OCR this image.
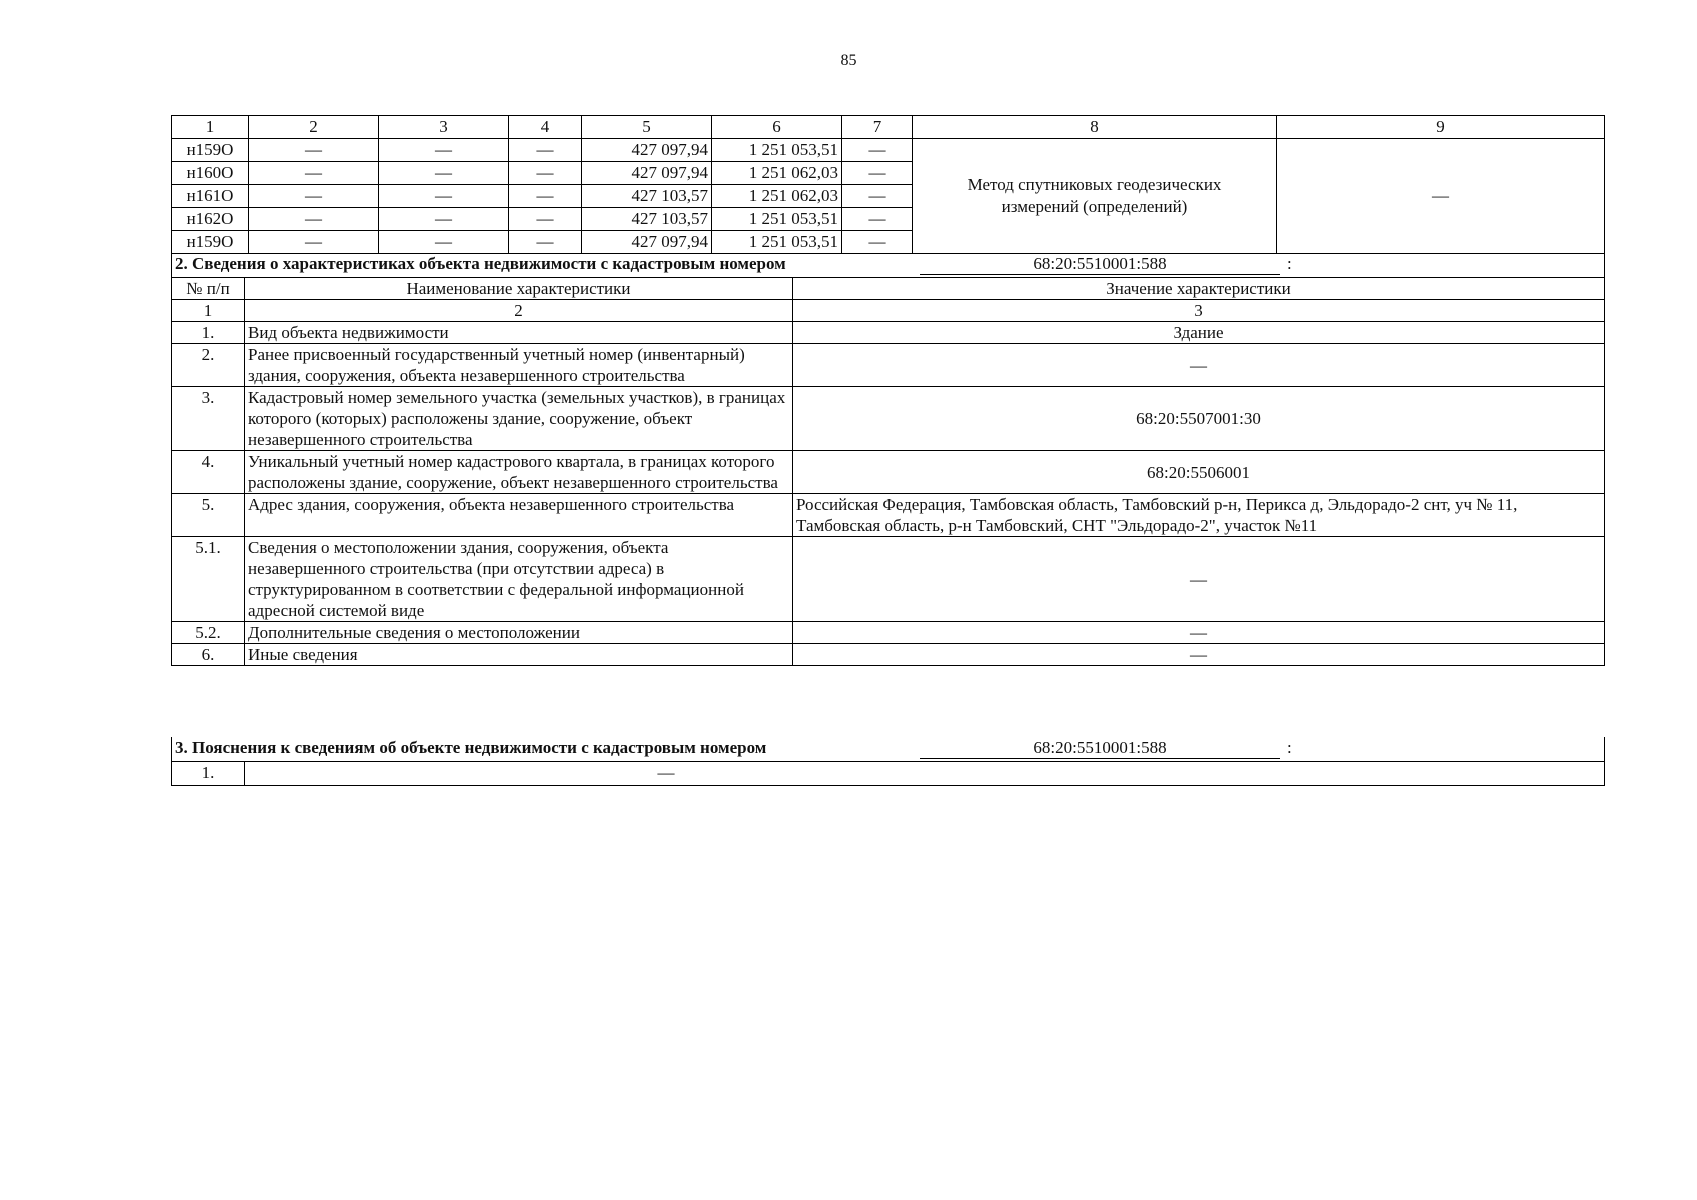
85
1	2	3	4	5	6	7	8	9
н159О	—	—	—	427 097,94	1 251 053,51	—	Метод спутниковых геодезических измерений (определений)	—
н160О	—	—	—	427 097,94	1 251 062,03	—		
н161О	—	—	—	427 103,57	1 251 062,03	—		
н162О	—	—	—	427 103,57	1 251 053,51	—		
н159О	—	—	—	427 097,94	1 251 053,51	—		
2. Сведения о характеристиках объекта недвижимости с кадастровым номером 68:20:5510001:588 :		

№ п/п	Наименование характеристики	Значение характеристики
1	2	3
1.	Вид объекта недвижимости	Здание
2.	Ранее присвоенный государственный учетный номер (инвентарный) здания, сооружения, объекта незавершенного строительства	—
3.	Кадастровый номер земельного участка (земельных участков), в границах которого (которых) расположены здание, сооружение, объект незавершенного строительства	68:20:5507001:30
4.	Уникальный учетный номер кадастрового квартала, в границах которого расположены здание, сооружение, объект незавершенного строительства	68:20:5506001
5.	Адрес здания, сооружения, объекта незавершенного строительства	Российская Федерация, Тамбовская область, Тамбовский р-н, Перикса д, Эльдорадо-2 снт, уч № 11, Тамбовская область, р-н Тамбовский, СНТ "Эльдорадо-2", участок №11
5.1.	Сведения о местоположении здания, сооружения, объекта незавершенного строительства (при отсутствии адреса) в структурированном в соответствии с федеральной информационной адресной системой виде	—
5.2.	Дополнительные сведения о местоположении	—
6.	Иные сведения	—
3. Пояснения к сведениям об объекте недвижимости с кадастровым номером	68:20:5510001:588	:

1.	—
